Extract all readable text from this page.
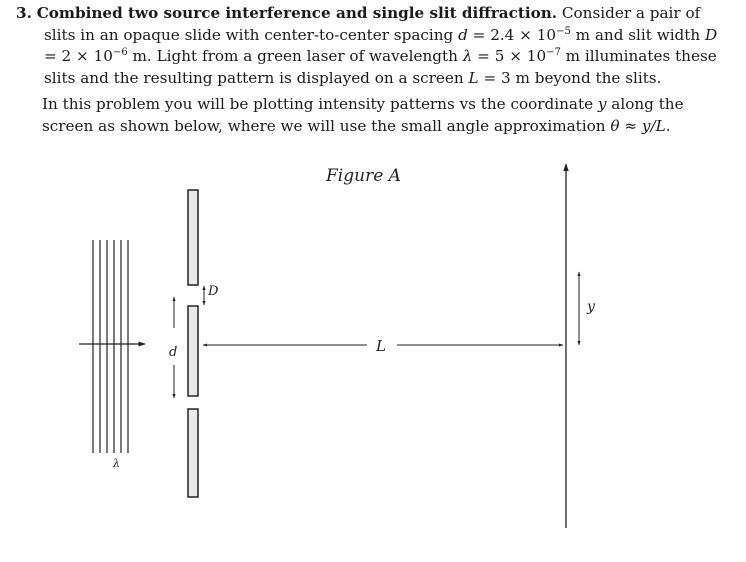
3. Combined two source interference and single slit diffraction. Consider a pair of slits in an opaque slide with center-to-center spacing $d = 2.4 \times 10^{-5}$ m and slit width $D = 2 \times 10^{-6}$ m. Light from a green laser of wavelength $\lambda = 5 \times 10^{-7}$ m illuminates these slits and the resulting pattern is displayed on a screen L = 3 m beyond the slits.

In this problem you will be plotting intensity patterns vs the coordinate y along the screen as shown below, where we will use the small angle approximation θ ≈ y/L.

Figure A
λ
D
d	L
y
